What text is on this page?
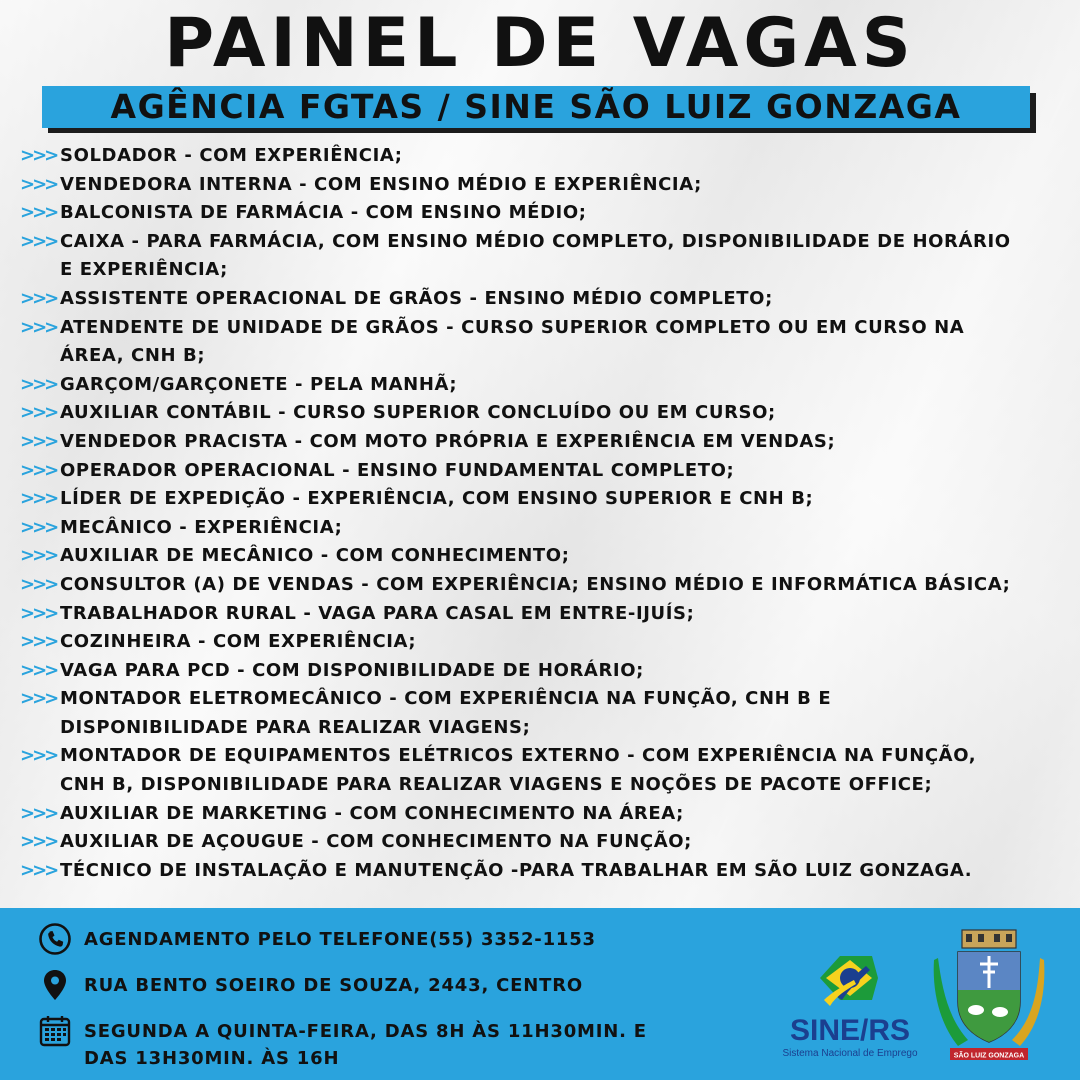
PAINEL DE VAGAS
AGÊNCIA FGTAS / SINE SÃO LUIZ GONZAGA
>>> SOLDADOR - COM EXPERIÊNCIA;
>>> VENDEDORA INTERNA - COM ENSINO MÉDIO E EXPERIÊNCIA;
>>> BALCONISTA DE FARMÁCIA - COM ENSINO MÉDIO;
>>> CAIXA - PARA FARMÁCIA, COM ENSINO MÉDIO COMPLETO, DISPONIBILIDADE DE HORÁRIO
E EXPERIÊNCIA;
>>> ASSISTENTE OPERACIONAL DE GRÃOS - ENSINO MÉDIO COMPLETO;
>>> ATENDENTE DE UNIDADE DE GRÃOS - CURSO SUPERIOR COMPLETO OU EM CURSO NA
ÁREA, CNH B;
>>> GARÇOM/GARÇONETE - PELA MANHÃ;
>>> AUXILIAR CONTÁBIL - CURSO SUPERIOR CONCLUÍDO OU EM CURSO;
>>> VENDEDOR PRACISTA - COM MOTO PRÓPRIA E EXPERIÊNCIA EM VENDAS;
>>> OPERADOR OPERACIONAL - ENSINO FUNDAMENTAL COMPLETO;
>>> LÍDER DE EXPEDIÇÃO - EXPERIÊNCIA, COM ENSINO SUPERIOR E CNH B;
>>> MECÂNICO - EXPERIÊNCIA;
>>> AUXILIAR DE MECÂNICO - COM CONHECIMENTO;
>>> CONSULTOR (A) DE VENDAS - COM EXPERIÊNCIA; ENSINO MÉDIO E INFORMÁTICA BÁSICA;
>>> TRABALHADOR RURAL - VAGA PARA CASAL EM ENTRE-IJUÍS;
>>> COZINHEIRA - COM EXPERIÊNCIA;
>>> VAGA PARA PCD - COM DISPONIBILIDADE DE HORÁRIO;
>>> MONTADOR ELETROMECÂNICO - COM EXPERIÊNCIA NA FUNÇÃO, CNH B E
DISPONIBILIDADE PARA REALIZAR VIAGENS;
>>> MONTADOR DE EQUIPAMENTOS ELÉTRICOS EXTERNO - COM EXPERIÊNCIA NA FUNÇÃO,
CNH B, DISPONIBILIDADE PARA REALIZAR VIAGENS E NOÇÕES DE PACOTE OFFICE;
>>> AUXILIAR DE MARKETING - COM CONHECIMENTO NA ÁREA;
>>> AUXILIAR DE AÇOUGUE - COM CONHECIMENTO NA FUNÇÃO;
>>> TÉCNICO DE INSTALAÇÃO E MANUTENÇÃO -PARA TRABALHAR EM SÃO LUIZ GONZAGA.
AGENDAMENTO PELO TELEFONE(55) 3352-1153
RUA BENTO SOEIRO DE SOUZA, 2443, CENTRO
SEGUNDA A QUINTA-FEIRA, DAS 8H ÀS 11H30MIN. E
DAS 13H30MIN. ÀS 16H
SINE/RS
Sistema Nacional de Emprego	SÃO LUIZ GONZAGA
